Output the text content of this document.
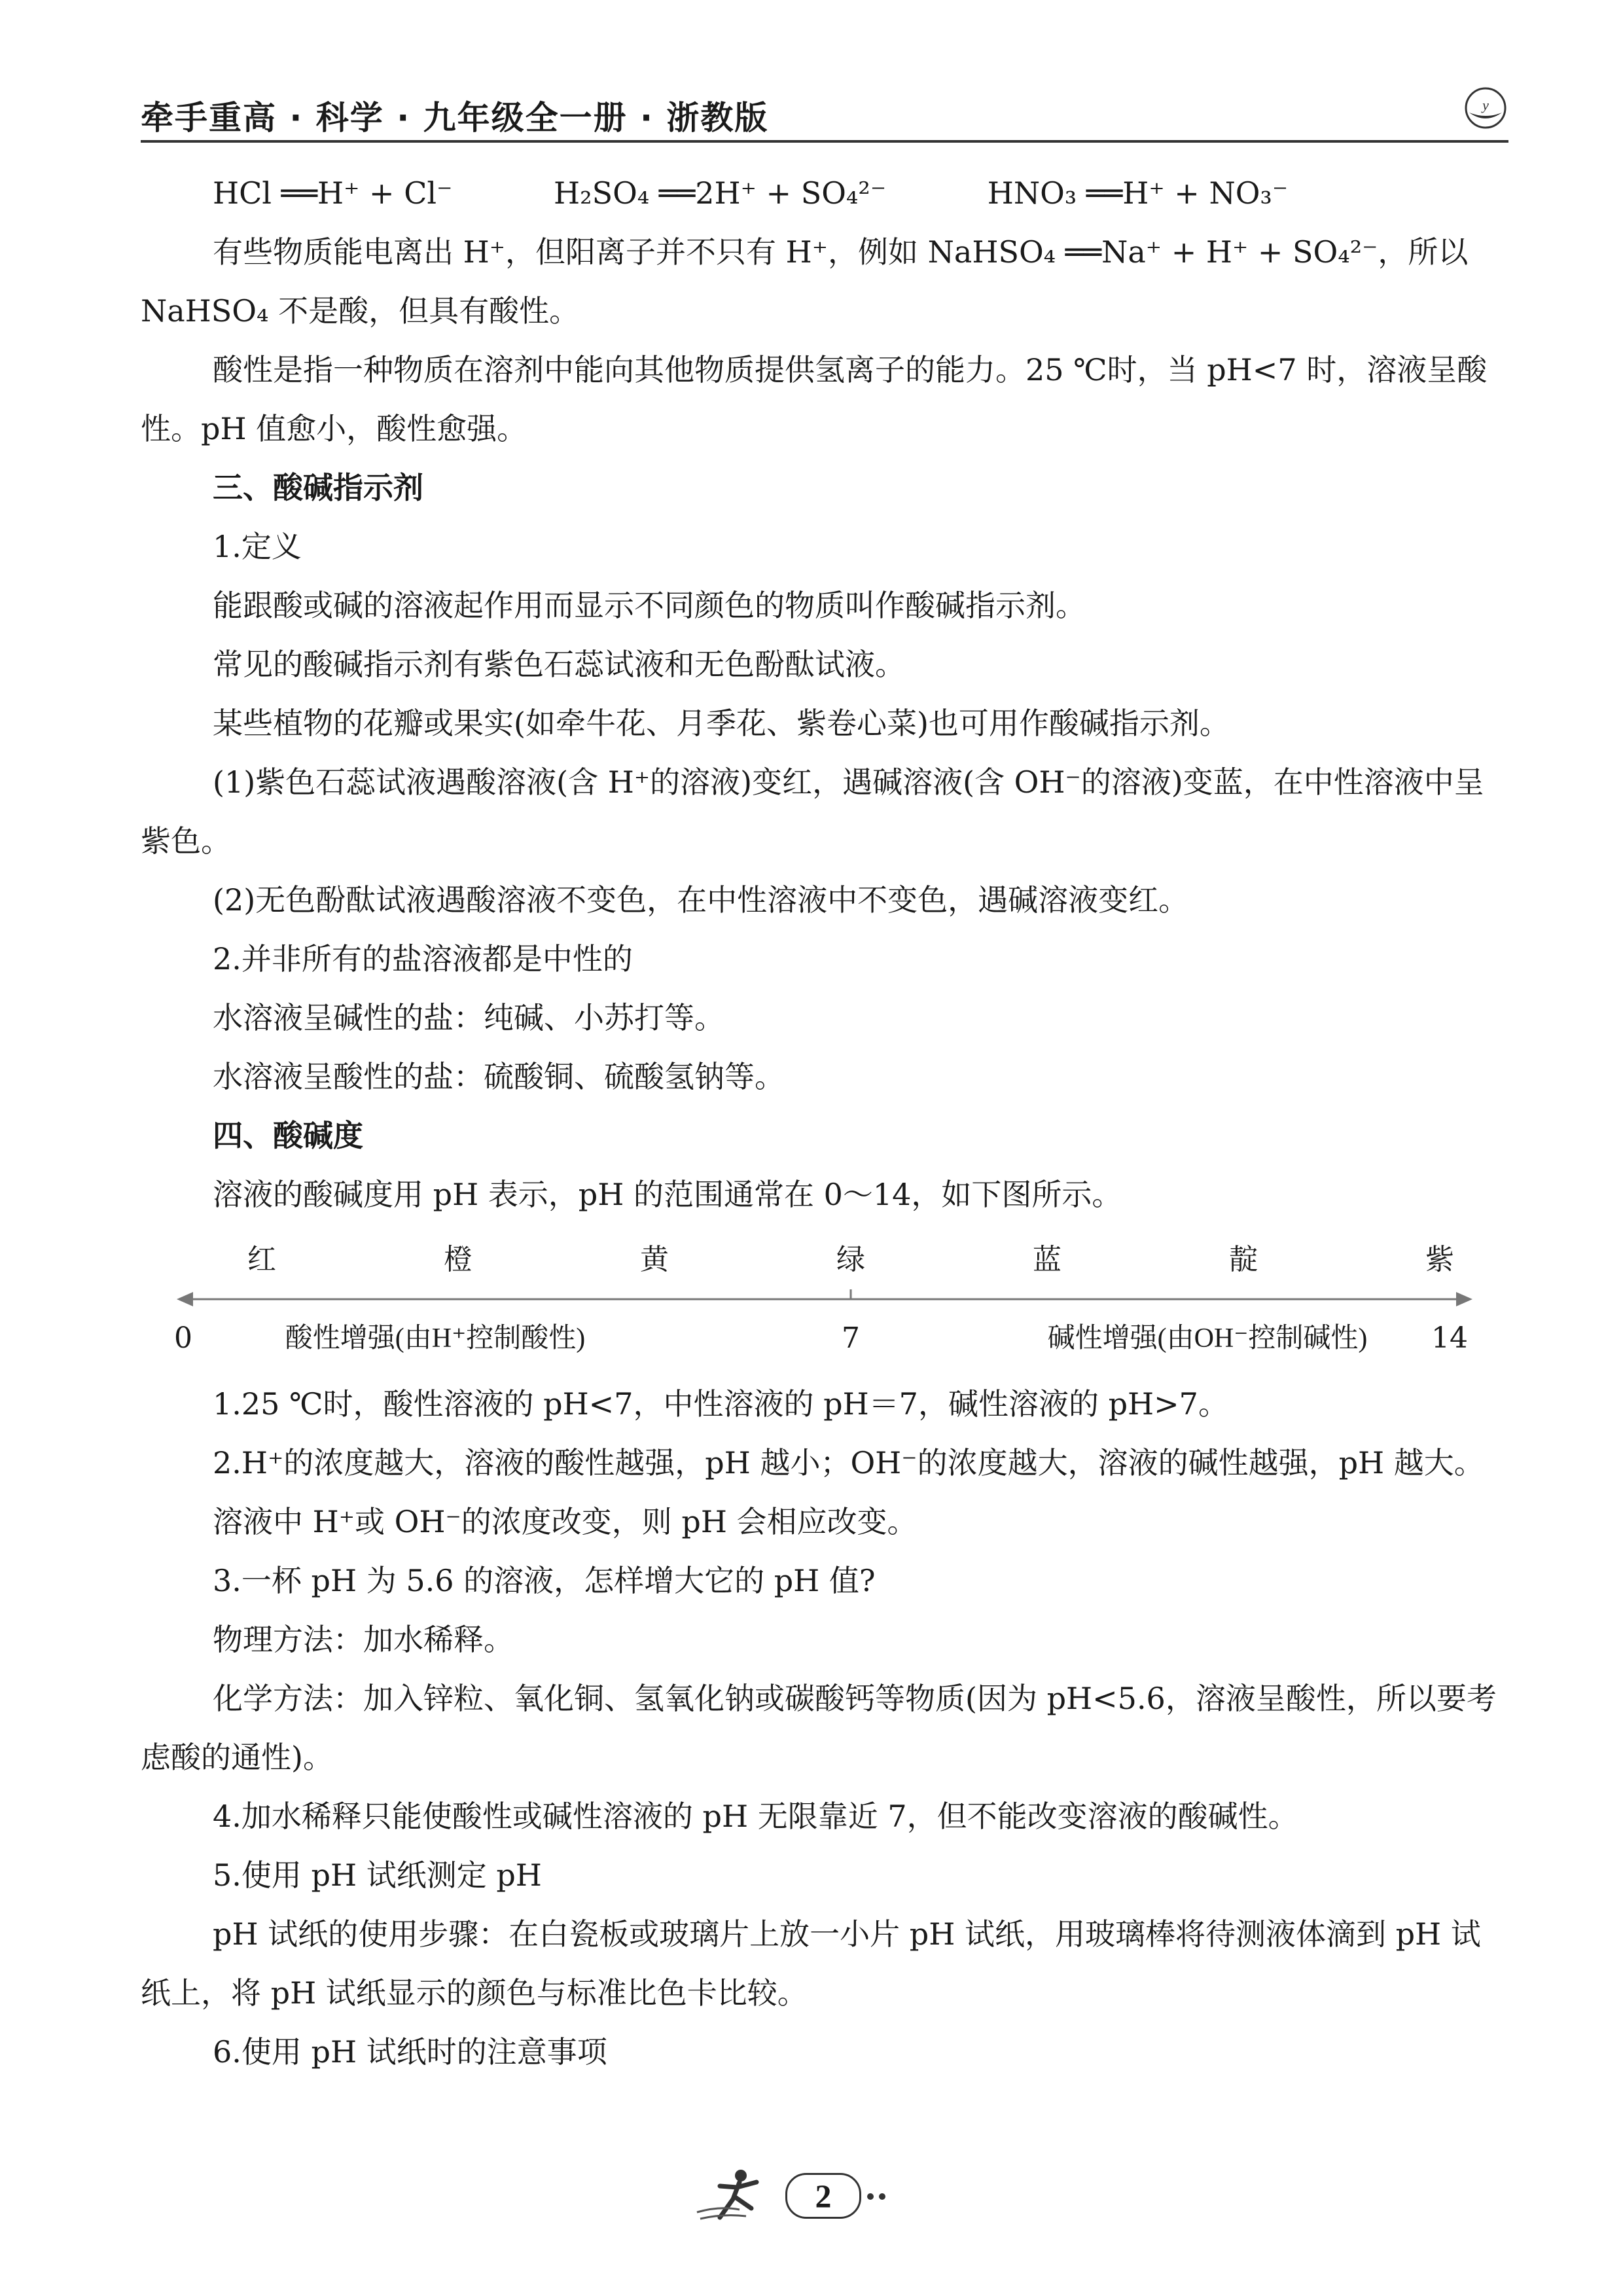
牵手重高 · 科学 · 九年级全一册 · 浙教版	y

HCl ══H⁺ + Cl⁻	H₂SO₄ ══2H⁺ + SO₄²⁻	HNO₃ ══H⁺ + NO₃⁻

有些物质能电离出 H⁺，但阳离子并不只有 H⁺，例如 NaHSO₄ ══Na⁺ + H⁺ + SO₄²⁻，所以 NaHSO₄ 不是酸，但具有酸性。

酸性是指一种物质在溶剂中能向其他物质提供氢离子的能力。25 ℃时，当 pH<7 时，溶液呈酸性。pH 值愈小，酸性愈强。

三、酸碱指示剂

1.定义

能跟酸或碱的溶液起作用而显示不同颜色的物质叫作酸碱指示剂。

常见的酸碱指示剂有紫色石蕊试液和无色酚酞试液。

某些植物的花瓣或果实(如牵牛花、月季花、紫卷心菜)也可用作酸碱指示剂。

(1)紫色石蕊试液遇酸溶液(含 H⁺的溶液)变红，遇碱溶液(含 OH⁻的溶液)变蓝，在中性溶液中呈紫色。

(2)无色酚酞试液遇酸溶液不变色，在中性溶液中不变色，遇碱溶液变红。

2.并非所有的盐溶液都是中性的

水溶液呈碱性的盐：纯碱、小苏打等。

水溶液呈酸性的盐：硫酸铜、硫酸氢钠等。

四、酸碱度

溶液的酸碱度用 pH 表示，pH 的范围通常在 0～14，如下图所示。

红	橙	黄	绿	蓝	靛	紫
0	酸性增强(由H⁺控制酸性)	7	碱性增强(由OH⁻控制碱性) 14

1.25 ℃时，酸性溶液的 pH<7，中性溶液的 pH＝7，碱性溶液的 pH>7。

2.H⁺的浓度越大，溶液的酸性越强，pH 越小；OH⁻的浓度越大，溶液的碱性越强，pH 越大。

溶液中 H⁺或 OH⁻的浓度改变，则 pH 会相应改变。

3.一杯 pH 为 5.6 的溶液，怎样增大它的 pH 值?

物理方法：加水稀释。

化学方法：加入锌粒、氧化铜、氢氧化钠或碳酸钙等物质(因为 pH<5.6，溶液呈酸性，所以要考虑酸的通性)。

4.加水稀释只能使酸性或碱性溶液的 pH 无限靠近 7，但不能改变溶液的酸碱性。

5.使用 pH 试纸测定 pH

pH 试纸的使用步骤：在白瓷板或玻璃片上放一小片 pH 试纸，用玻璃棒将待测液体滴到 pH 试纸上，将 pH 试纸显示的颜色与标准比色卡比较。

6.使用 pH 试纸时的注意事项

2
